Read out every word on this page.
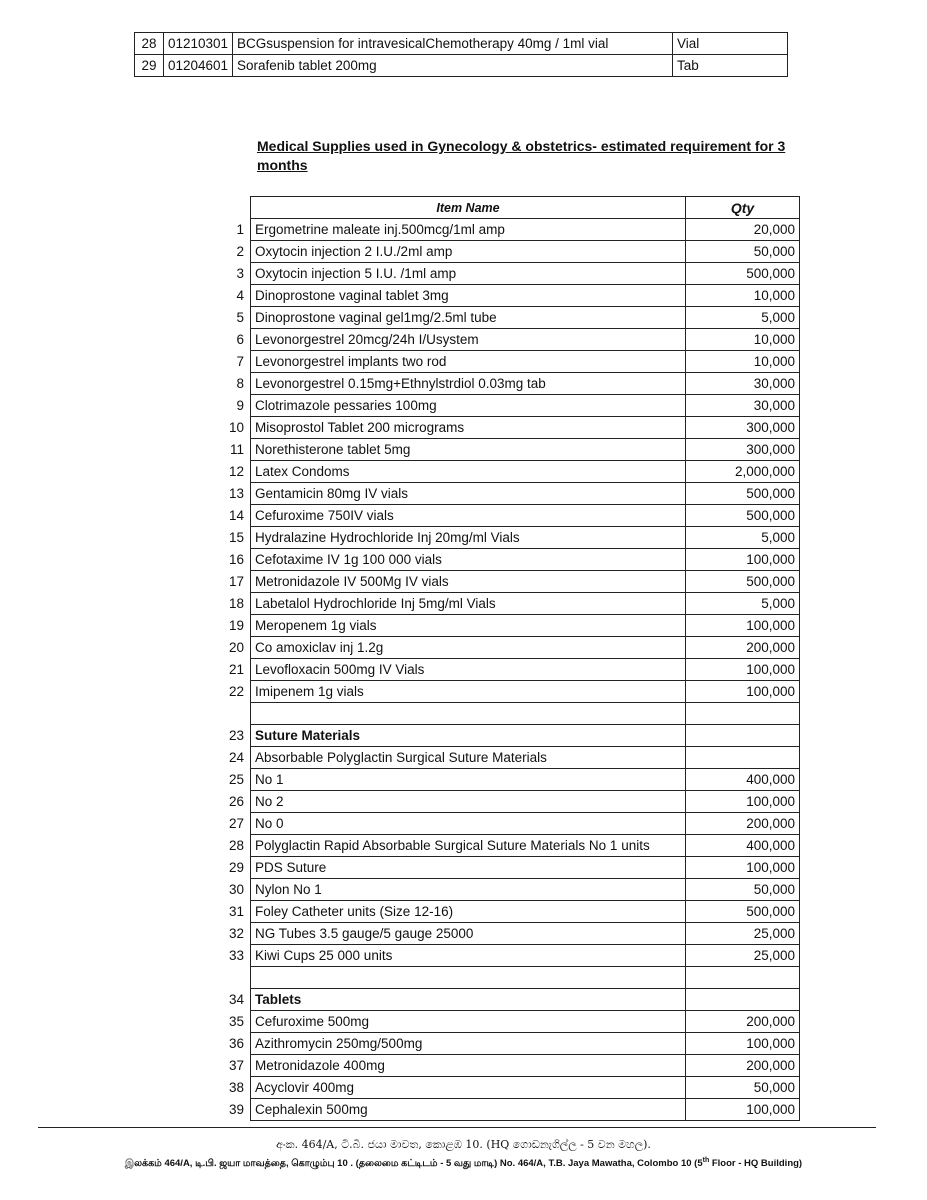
28	01210301	BCGsuspension for intravesicalChemotherapy 40mg / 1ml vial	Vial
29	01204601	Sorafenib tablet 200mg	Tab
Medical Supplies used in Gynecology & obstetrics- estimated requirement for 3 months
	Item Name	Qty
1	Ergometrine maleate inj.500mcg/1ml amp	20,000
2	Oxytocin injection 2 I.U./2ml amp	50,000
3	Oxytocin injection 5 I.U. /1ml amp	500,000
4	Dinoprostone vaginal tablet 3mg	10,000
5	Dinoprostone vaginal gel1mg/2.5ml tube	5,000
6	Levonorgestrel 20mcg/24h I/Usystem	10,000
7	Levonorgestrel implants two rod	10,000
8	Levonorgestrel 0.15mg+Ethnylstrdiol 0.03mg tab	30,000
9	Clotrimazole pessaries 100mg	30,000
10	Misoprostol Tablet 200 micrograms	300,000
11	Norethisterone tablet 5mg	300,000
12	Latex Condoms	2,000,000
13	Gentamicin 80mg IV vials	500,000
14	Cefuroxime 750IV vials	500,000
15	Hydralazine Hydrochloride Inj 20mg/ml Vials	5,000
16	Cefotaxime IV 1g 100 000 vials	100,000
17	Metronidazole IV 500Mg IV vials	500,000
18	Labetalol Hydrochloride Inj 5mg/ml Vials	5,000
19	Meropenem 1g vials	100,000
20	Co amoxiclav inj 1.2g	200,000
21	Levofloxacin 500mg IV Vials	100,000
22	Imipenem 1g vials	100,000

23	Suture Materials	
24	Absorbable Polyglactin Surgical Suture Materials	
25	No 1	400,000
26	No 2	100,000
27	No 0	200,000
28	Polyglactin Rapid Absorbable Surgical Suture Materials No 1 units	400,000
29	PDS Suture	100,000
30	Nylon No 1	50,000
31	Foley Catheter units (Size 12-16)	500,000
32	NG Tubes 3.5 gauge/5 gauge 25000	25,000
33	Kiwi Cups 25 000 units	25,000

34	Tablets	
35	Cefuroxime 500mg	200,000
36	Azithromycin 250mg/500mg	100,000
37	Metronidazole 400mg	200,000
38	Acyclovir 400mg	50,000
39	Cephalexin 500mg	100,000
අංක. 464/A, ටී.බී. ජයා මාවත, කොළඹ 10. (HQ ගොඩනැගිල්ල - 5 වන මහල).
இலக்கம் 464/A, டி.பி. ஜயா மாவத்தை, கொழும்பு 10 . (தலைமை கட்டிடம் - 5 வது மாடி) No. 464/A, T.B. Jaya Mawatha, Colombo 10 (5th Floor - HQ Building)
